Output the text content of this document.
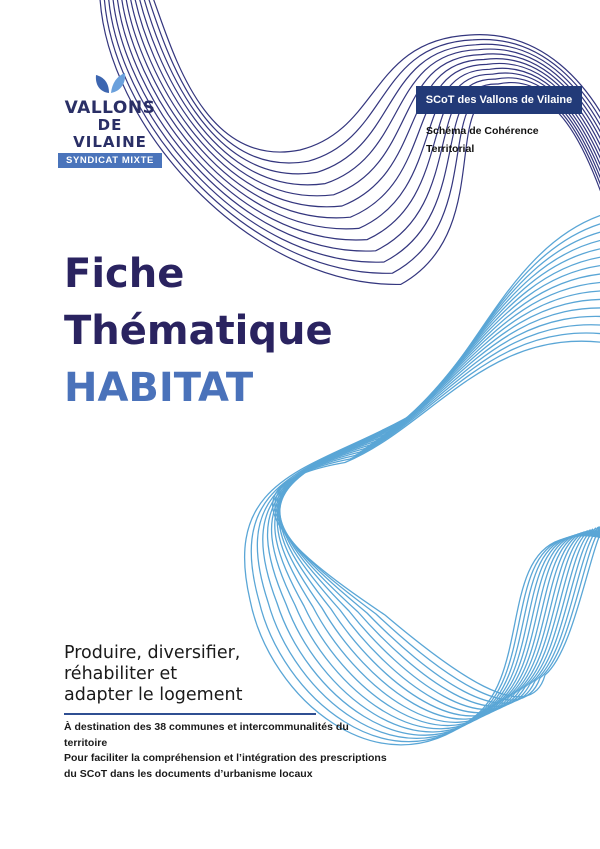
VALLONS
DE VILAINE
SYNDICAT MIXTE
SCoT des Vallons de Vilaine
Schéma de Cohérence
Territorial
Fiche
Thématique
HABITAT
Produire, diversifier,
réhabiliter et
adapter le logement
À destination des 38 communes et intercommunalités du
territoire
Pour faciliter la compréhension et l’intégration des prescriptions
du SCoT dans les documents d’urbanisme locaux
